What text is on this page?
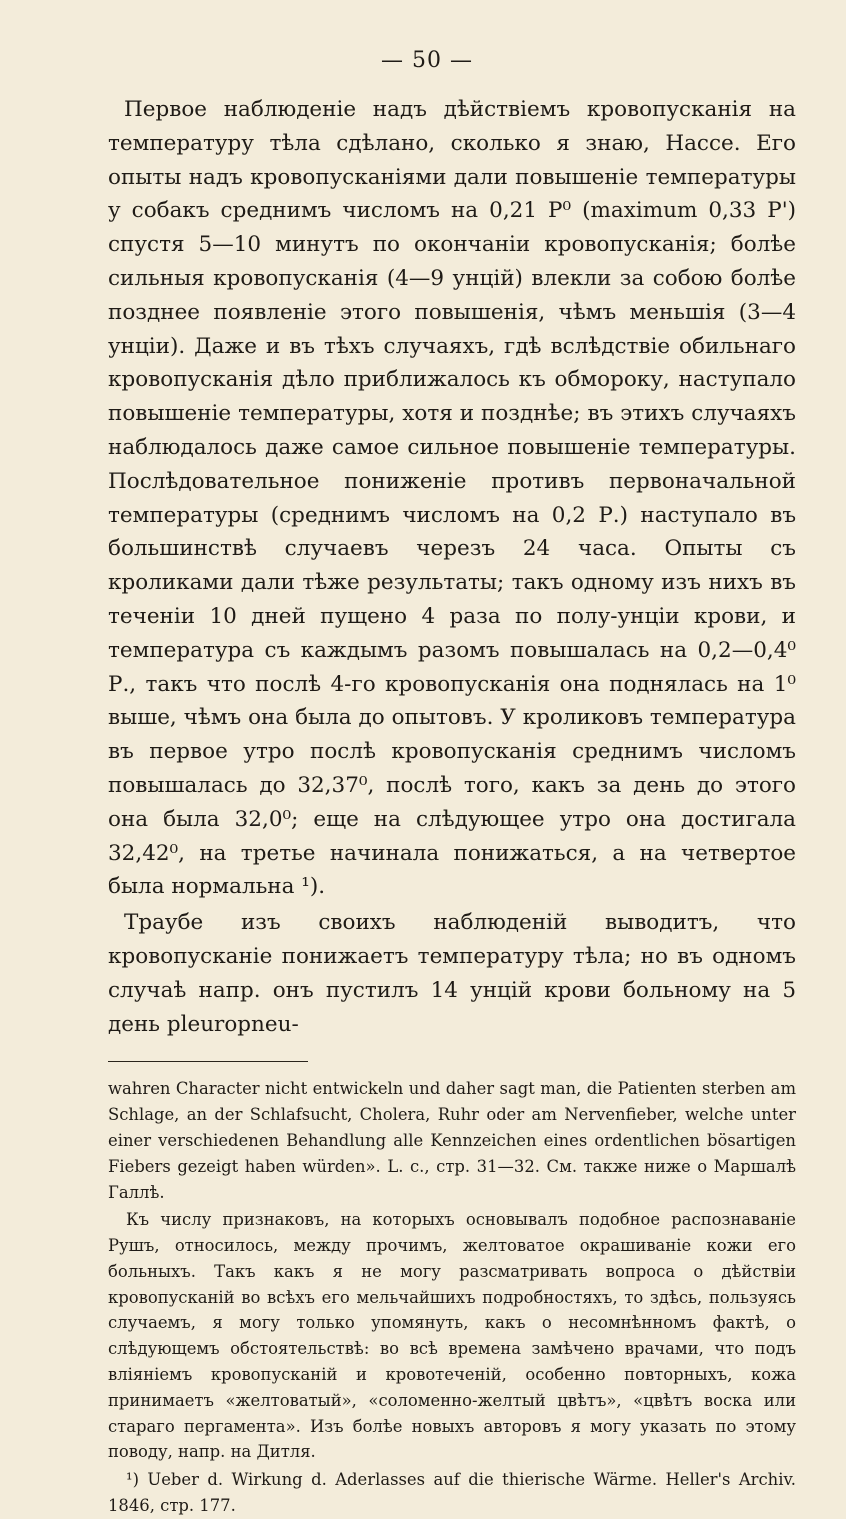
— 50 —

Первое наблюденіе надъ дѣйствіемъ кровопусканія на температуру тѣла сдѣлано, сколько я знаю, Нассе. Его опыты надъ кровопусканіями дали повышеніе температуры у собакъ среднимъ числомъ на 0,21 Р⁰ (maximum 0,33 Р') спустя 5—10 минутъ по окончаніи кровопусканія; болѣе сильныя кровопусканія (4—9 унцій) влекли за собою болѣе позднее появленіе этого повышенія, чѣмъ меньшія (3—4 унціи). Даже и въ тѣхъ случаяхъ, гдѣ вслѣдствіе обильнаго кровопусканія дѣло приближалось къ обмороку, наступало повышеніе температуры, хотя и позднѣе; въ этихъ случаяхъ наблюдалось даже самое сильное повышеніе температуры. Послѣдовательное пониженіе противъ первоначальной температуры (среднимъ числомъ на 0,2 Р.) наступало въ большинствѣ случаевъ черезъ 24 часа. Опыты съ кроликами дали тѣже результаты; такъ одному изъ нихъ въ теченіи 10 дней пущено 4 раза по полу-унціи крови, и температура съ каждымъ разомъ повышалась на 0,2—0,4⁰ Р., такъ что послѣ 4-го кровопусканія она поднялась на 1⁰ выше, чѣмъ она была до опытовъ. У кроликовъ температура въ первое утро послѣ кровопусканія среднимъ числомъ повышалась до 32,37⁰, послѣ того, какъ за день до этого она была 32,0⁰; еще на слѣдующее утро она достигала 32,42⁰, на третье начинала понижаться, а на четвертое была нормальна ¹).

Траубе изъ своихъ наблюденій выводитъ, что кровопусканіе понижаетъ температуру тѣла; но въ одномъ случаѣ напр. онъ пустилъ 14 унцій крови больному на 5 день pleuropneu-

wahren Character nicht entwickeln und daher sagt man, die Patienten sterben am Schlage, an der Schlafsucht, Cholera, Ruhr oder am Nervenfieber, welche unter einer verschiedenen Behandlung alle Kennzeichen eines ordentlichen bösartigen Fiebers gezeigt haben würden». L. c., стр. 31—32. См. также ниже о Маршалѣ Галлѣ.

Къ числу признаковъ, на которыхъ основывалъ подобное распознаваніе Рушъ, относилось, между прочимъ, желтоватое окрашиваніе кожи его больныхъ. Такъ какъ я не могу разсматривать вопроса о дѣйствіи кровопусканій во всѣхъ его мельчайшихъ подробностяхъ, то здѣсь, пользуясь случаемъ, я могу только упомянуть, какъ о несомнѣнномъ фактѣ, о слѣдующемъ обстоятельствѣ: во всѣ времена замѣчено врачами, что подъ вліяніемъ кровопусканій и кровотеченій, особенно повторныхъ, кожа принимаетъ «желтоватый», «соломенно-желтый цвѣтъ», «цвѣтъ воска или стараго пергамента». Изъ болѣе новыхъ авторовъ я могу указать по этому поводу, напр. на Дитля.

¹) Ueber d. Wirkung d. Aderlasses auf die thierische Wärme. Heller's Archiv. 1846, стр. 177.
